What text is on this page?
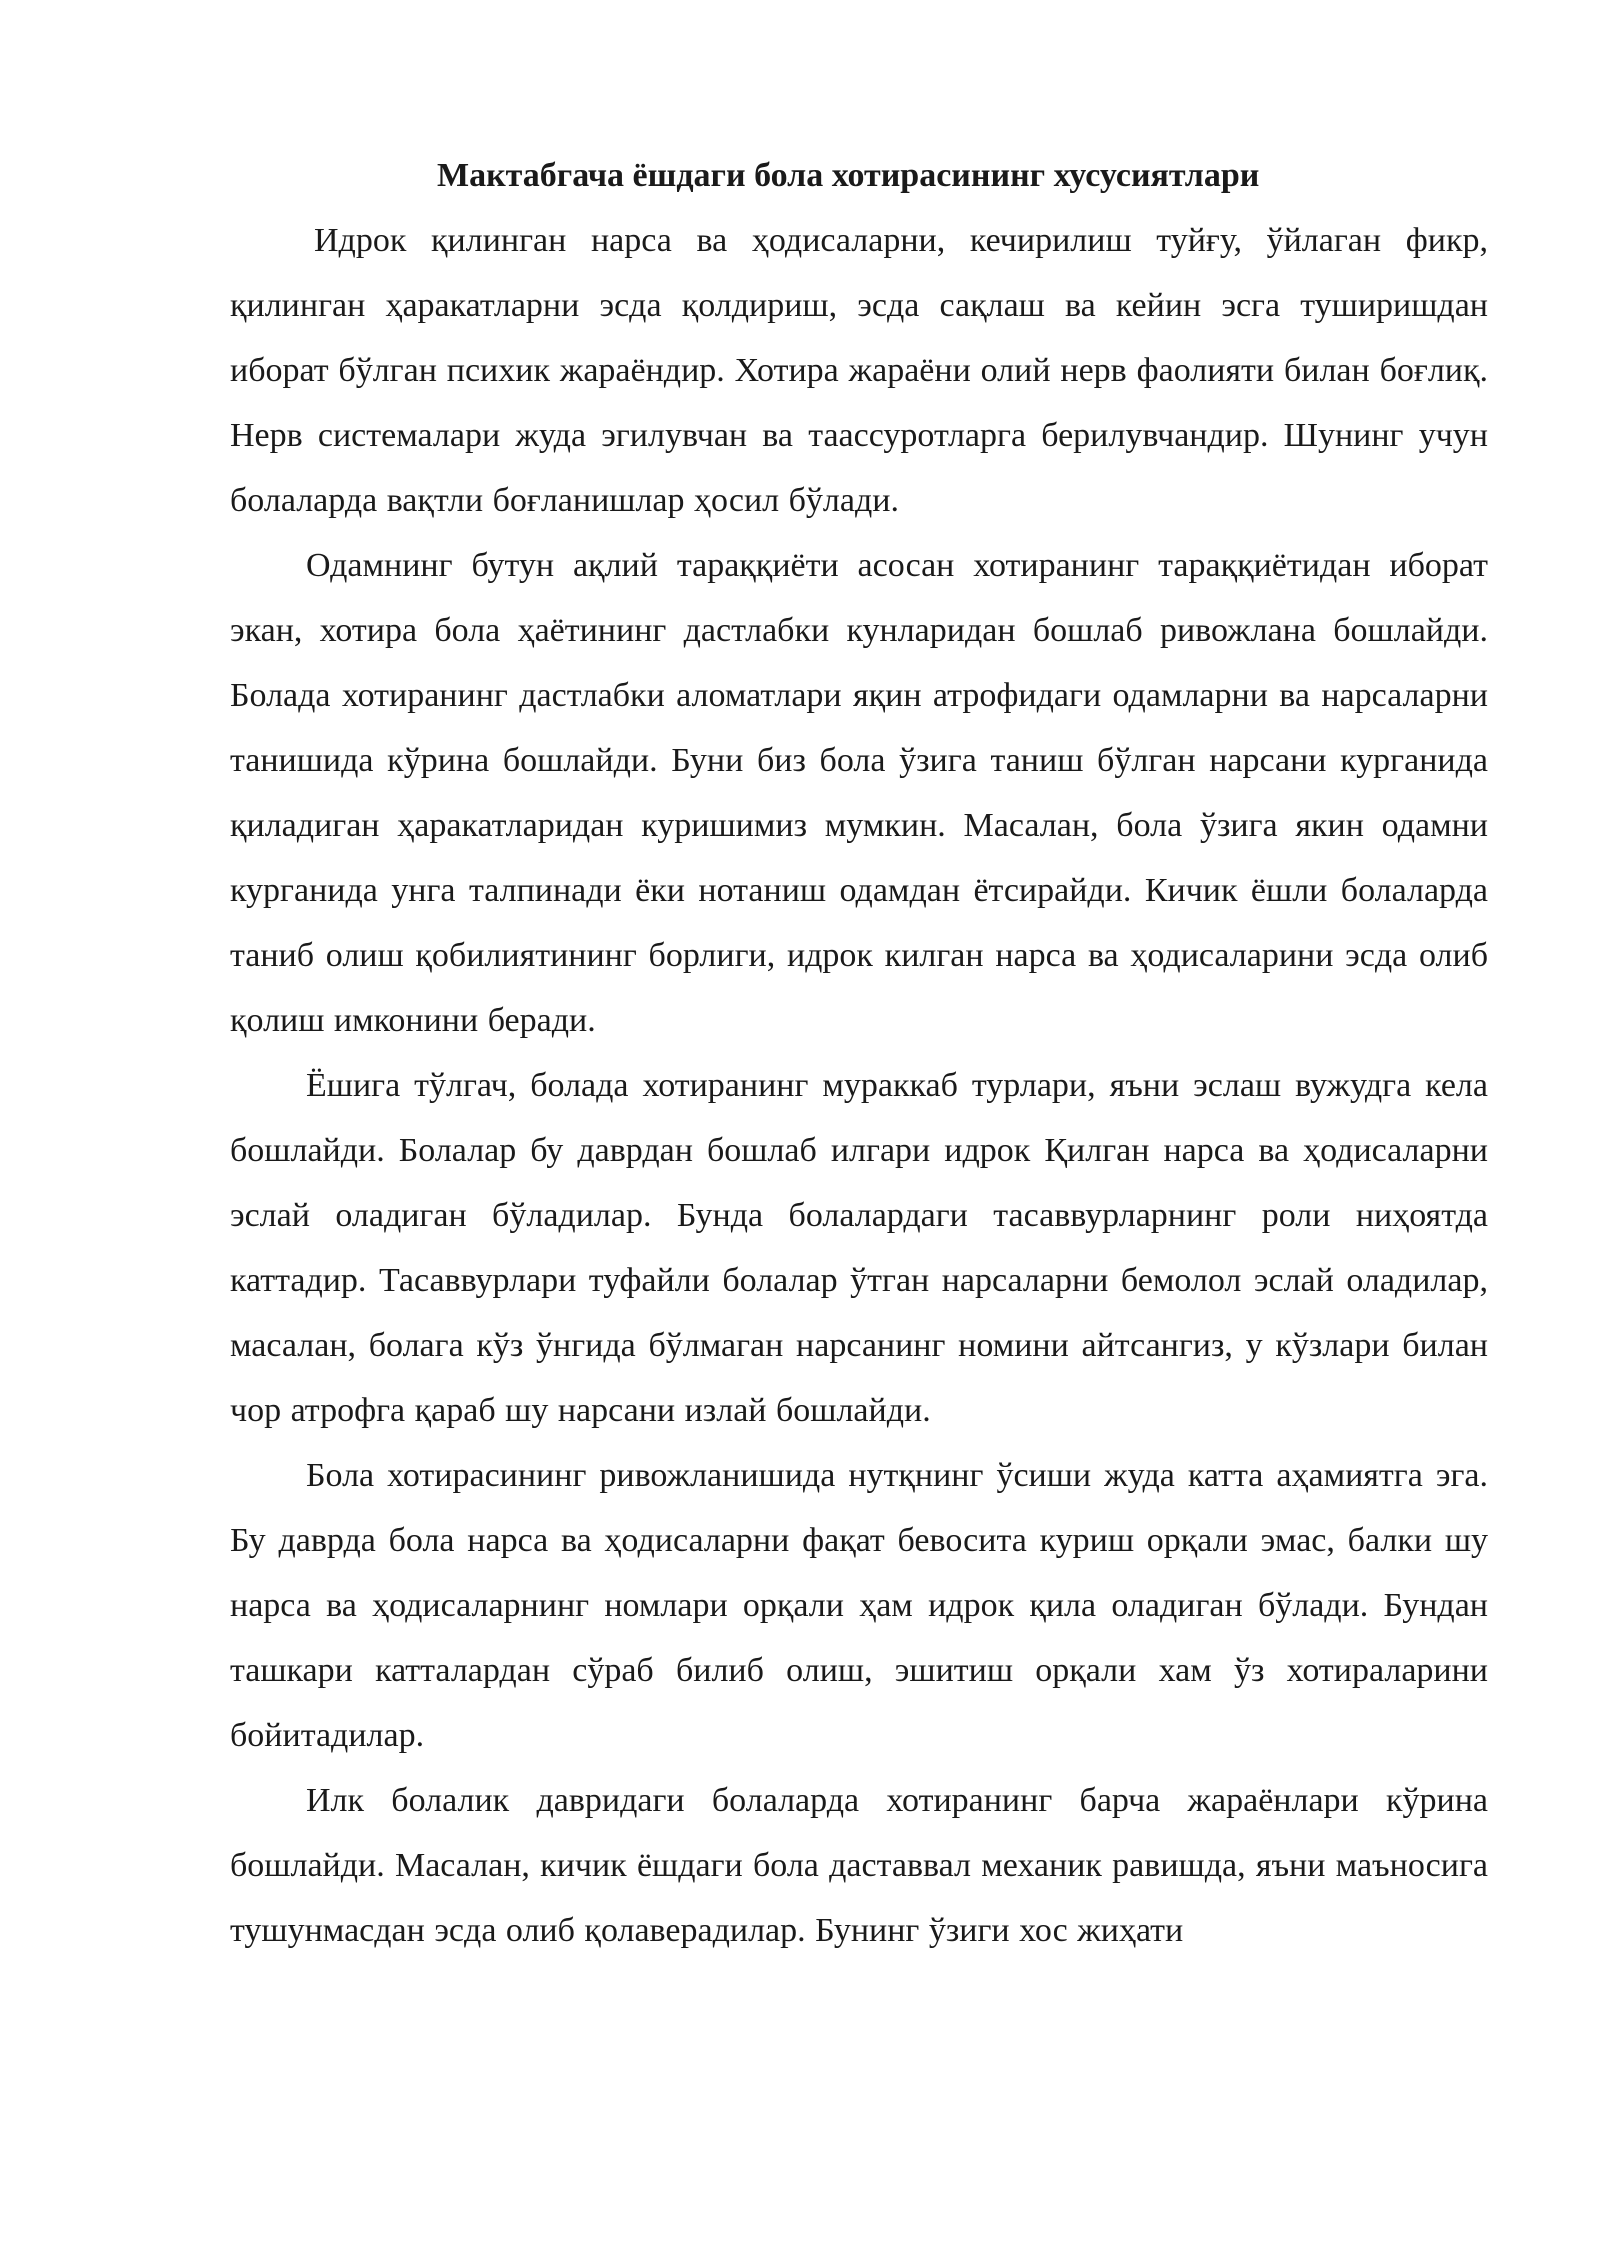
Мактабгача ёшдаги бола хотирасининг хусусиятлари

Идрок қилинган нарса ва ҳодисаларни, кечирилиш туйғу, ўйлаган фикр, қилинган ҳаракатларни эсда қолдириш, эсда сақлаш ва кейин эсга туширишдан иборат бўлган психик жараёндир. Хотира жараёни олий нерв фаолияти билан боғлиқ. Нерв системалари жуда эгилувчан ва таассуротларга берилувчандир. Шунинг учун болаларда вақтли боғланишлар ҳосил бўлади.

Одамнинг бутун ақлий тараққиёти асосан хотиранинг тараққиётидан иборат экан, хотира бола ҳаётининг дастлабки кунларидан бошлаб ривожлана бошлайди. Болада хотиранинг дастлабки аломатлари яқин атрофидаги одамларни ва нарсаларни танишида кўрина бошлайди. Буни биз бола ўзига таниш бўлган нарсани курганида қиладиган ҳаракатларидан куришимиз мумкин. Масалан, бола ўзига якин одамни курганида унга талпинади ёки нотаниш одамдан ётсирайди. Кичик ёшли болаларда таниб олиш қобилиятининг борлиги, идрок килган нарса ва ҳодисаларини эсда олиб қолиш имконини беради.

Ёшига тўлгач, болада хотиранинг мураккаб турлари, яъни эслаш вужудга кела бошлайди. Болалар бу даврдан бошлаб илгари идрок Қилган нарса ва ҳодисаларни эслай оладиган бўладилар. Бунда болалардаги тасаввурларнинг роли ниҳоятда каттадир. Тасаввурлари туфайли болалар ўтган нарсаларни бемолол эслай оладилар, масалан, болага кўз ўнгида бўлмаган нарсанинг номини айтсангиз, у кўзлари билан чор атрофга қараб шу нарсани излай бошлайди.

Бола хотирасининг ривожланишида нутқнинг ўсиши жуда катта аҳамиятга эга. Бу даврда бола нарса ва ҳодисаларни фақат бевосита куриш орқали эмас, балки шу нарса ва ҳодисаларнинг номлари орқали ҳам идрок қила оладиган бўлади. Бундан ташкари катталардан сўраб билиб олиш, эшитиш орқали хам ўз хотираларини бойитадилар.

Илк болалик давридаги болаларда хотиранинг барча жараёнлари кўрина бошлайди. Масалан, кичик ёшдаги бола даставвал механик равишда, яъни маъносига тушунмасдан эсда олиб қолаверадилар. Бунинг ўзиги хос жиҳати
